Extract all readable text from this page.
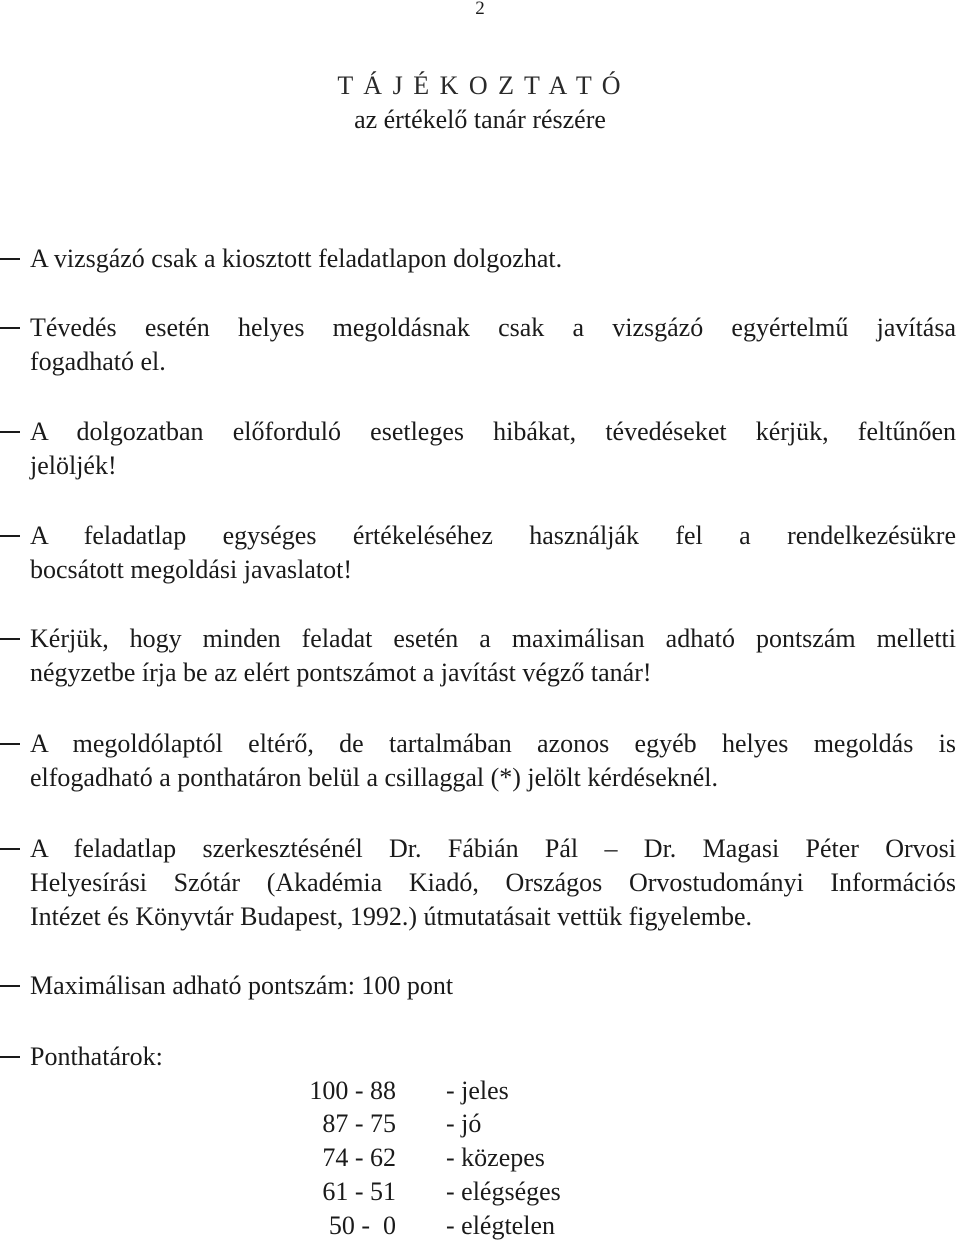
2
T Á J É K O Z T A T Ó
az értékelő tanár részére
A vizsgázó csak a kiosztott feladatlapon dolgozhat.
Tévedés esetén helyes megoldásnak csak a vizsgázó egyértelmű javítása
fogadható el.
A dolgozatban előforduló esetleges hibákat, tévedéseket kérjük, feltűnően
jelöljék!
A feladatlap egységes értékeléséhez használják fel a rendelkezésükre
bocsátott megoldási javaslatot!
Kérjük, hogy minden feladat esetén a maximálisan adható pontszám melletti
négyzetbe írja be az elért pontszámot a javítást végző tanár!
A megoldólaptól eltérő, de tartalmában azonos egyéb helyes megoldás is
elfogadható a ponthatáron belül a csillaggal (*) jelölt kérdéseknél.
A feladatlap szerkesztésénél Dr. Fábián Pál – Dr. Magasi Péter Orvosi
Helyesírási Szótár (Akadémia Kiadó, Országos Orvostudományi Információs
Intézet és Könyvtár Budapest, 1992.) útmutatásait vettük figyelembe.
Maximálisan adható pontszám: 100 pont
Ponthatárok:
100 - 88 - jeles
87 - 75 - jó
74 - 62 - közepes
61 - 51 - elégséges
50 -  0 - elégtelen
